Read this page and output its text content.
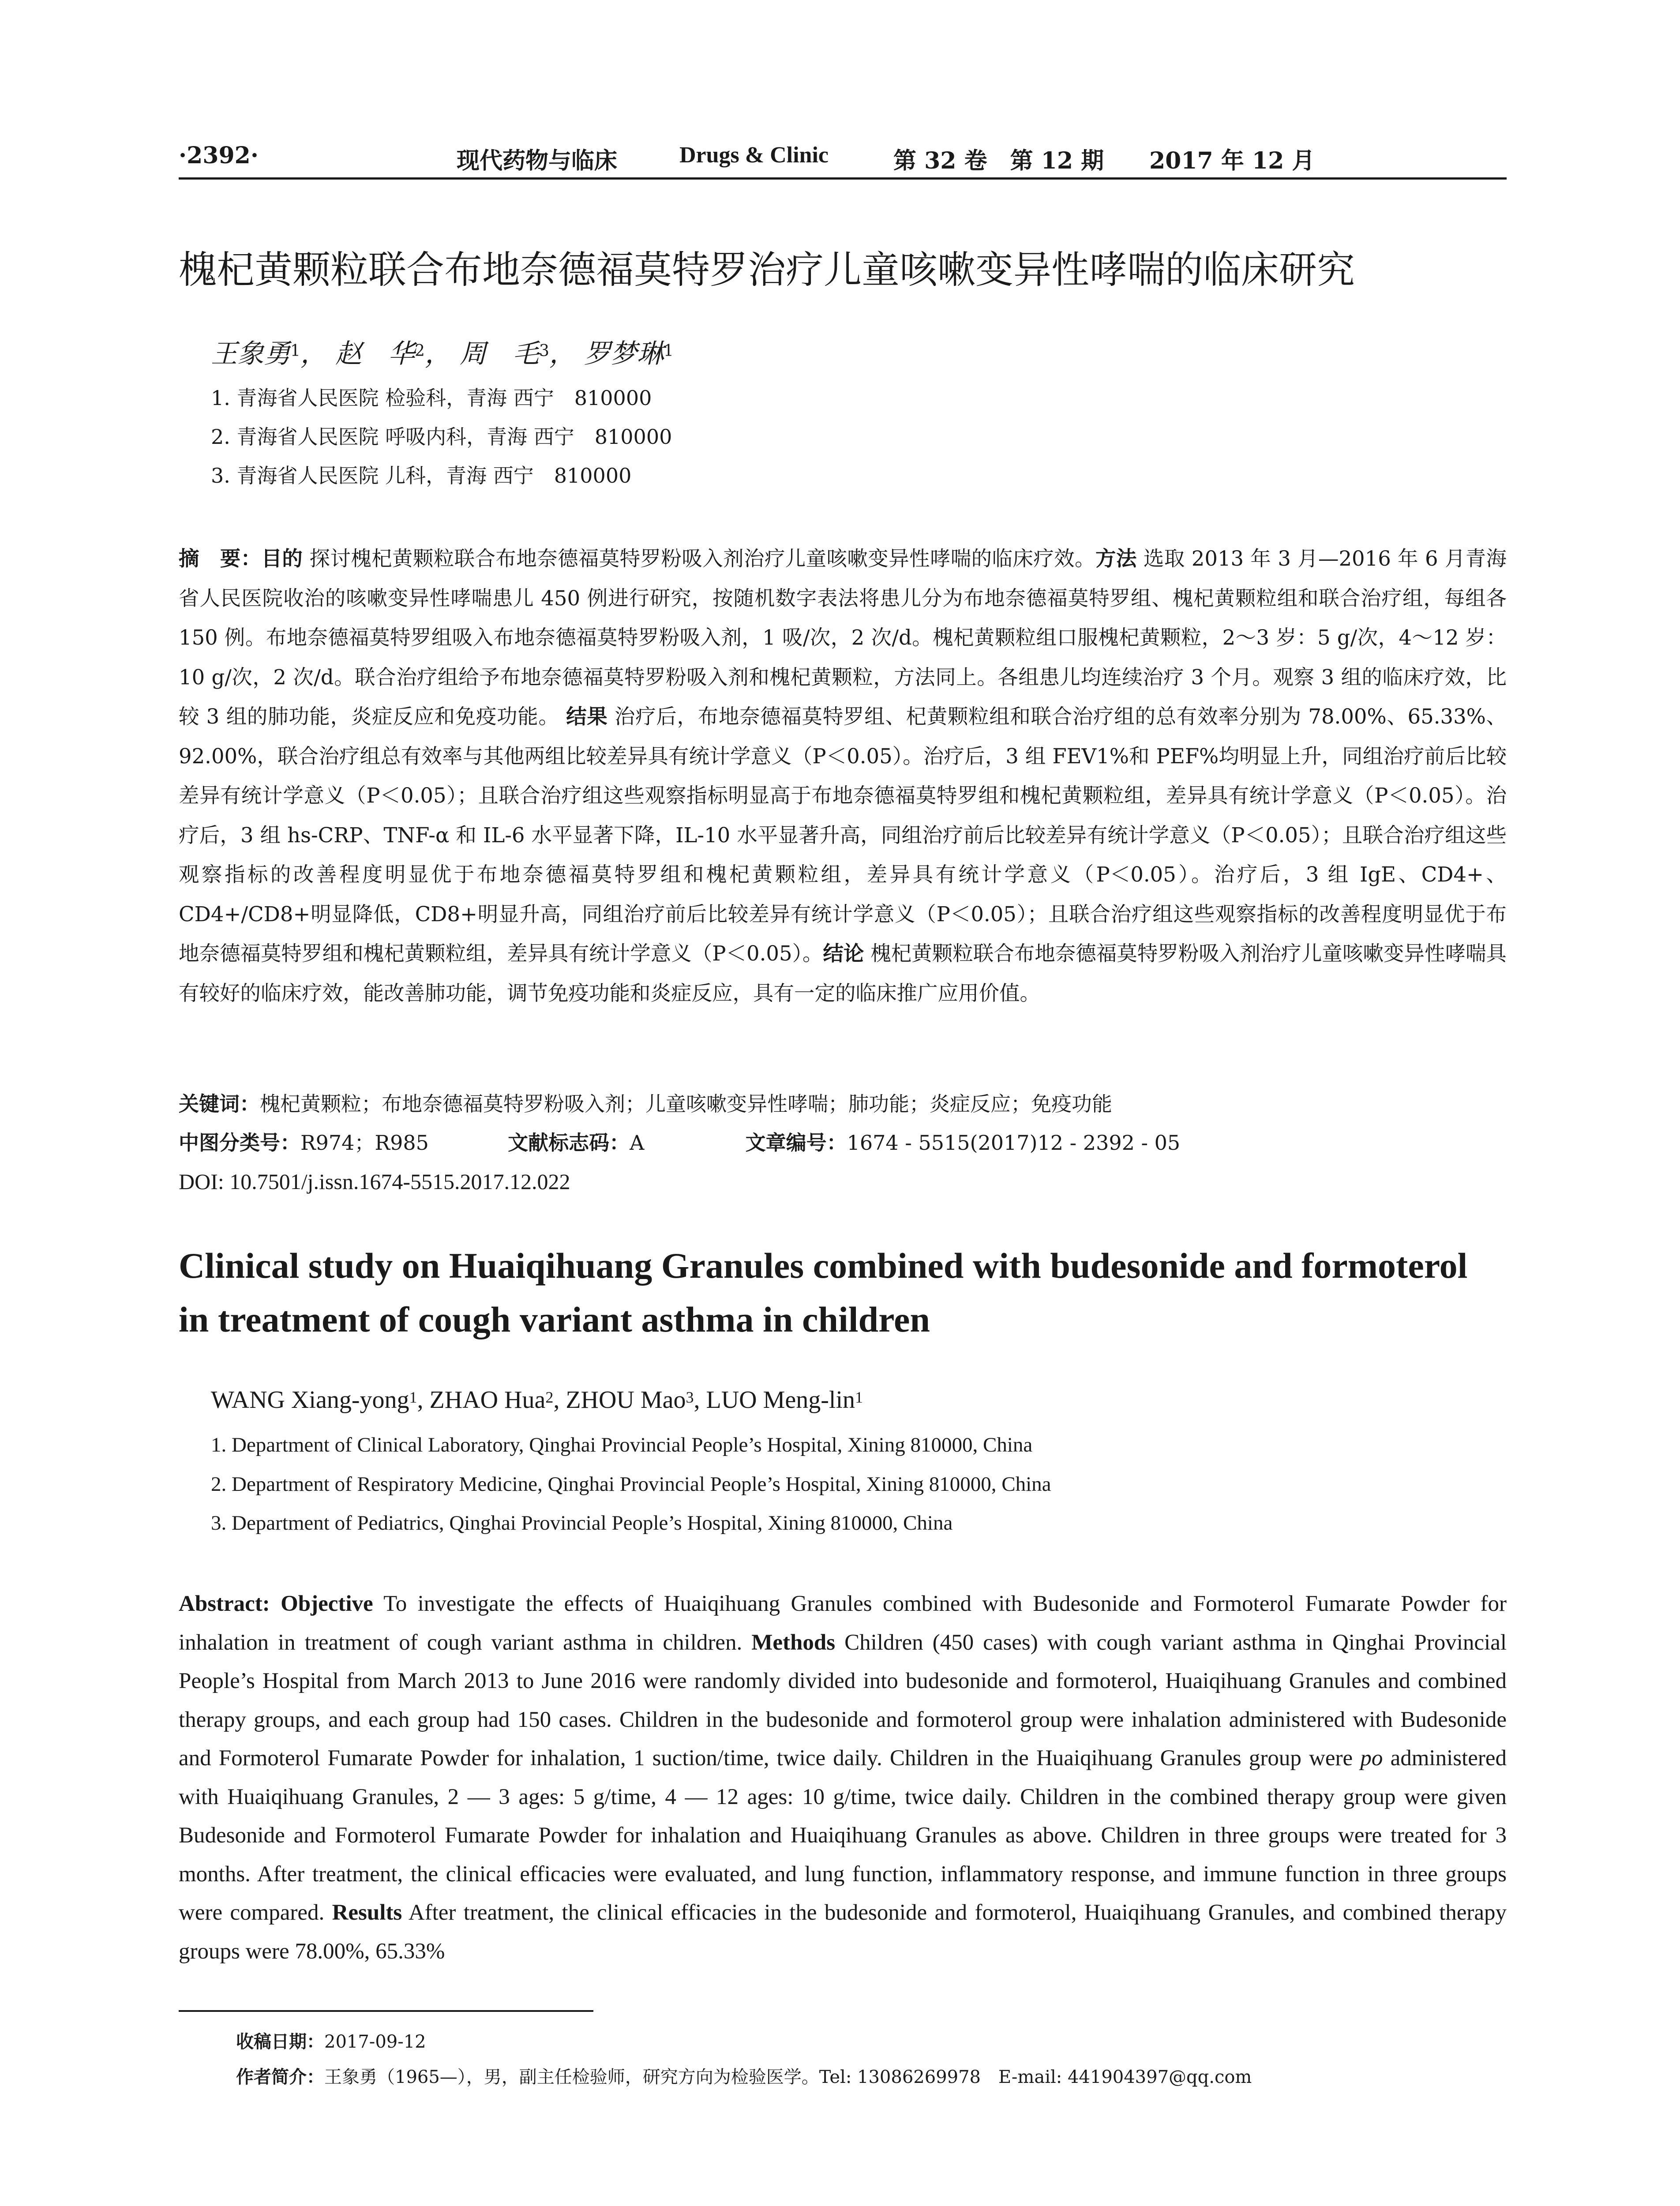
·2392·	现代药物与临床	Drugs & Clinic	第 32 卷　第 12 期 2017 年 12 月
槐杞黄颗粒联合布地奈德福莫特罗治疗儿童咳嗽变异性哮喘的临床研究
王象勇$^1$， 赵　华$^2$， 周　毛$^3$， 罗梦琳$^1$
1. 青海省人民医院 检验科，青海 西宁　810000
2. 青海省人民医院 呼吸内科，青海 西宁　810000
3. 青海省人民医院 儿科，青海 西宁　810000

摘　要：目的 探讨槐杞黄颗粒联合布地奈德福莫特罗粉吸入剂治疗儿童咳嗽变异性哮喘的临床疗效。方法 选取 2013 年 3 月—2016 年 6 月青海省人民医院收治的咳嗽变异性哮喘患儿 450 例进行研究，按随机数字表法将患儿分为布地奈德福莫特罗组、槐杞黄颗粒组和联合治疗组，每组各 150 例。布地奈德福莫特罗组吸入布地奈德福莫特罗粉吸入剂，1 吸/次，2 次/d。槐杞黄颗粒组口服槐杞黄颗粒，2～3 岁：5 g/次，4～12 岁：10 g/次，2 次/d。联合治疗组给予布地奈德福莫特罗粉吸入剂和槐杞黄颗粒，方法同上。各组患儿均连续治疗 3 个月。观察 3 组的临床疗效，比较 3 组的肺功能，炎症反应和免疫功能。 结果 治疗后，布地奈德福莫特罗组、杞黄颗粒组和联合治疗组的总有效率分别为 78.00%、65.33%、92.00%，联合治疗组总有效率与其他两组比较差异具有统计学意义（P＜0.05）。治疗后，3 组 FEV1%和 PEF%均明显上升，同组治疗前后比较差异有统计学意义（P＜0.05）；且联合治疗组这些观察指标明显高于布地奈德福莫特罗组和槐杞黄颗粒组，差异具有统计学意义（P＜0.05）。治疗后，3 组 hs-CRP、TNF-α 和 IL-6 水平显著下降，IL-10 水平显著升高，同组治疗前后比较差异有统计学意义（P＜0.05）；且联合治疗组这些观察指标的改善程度明显优于布地奈德福莫特罗组和槐杞黄颗粒组，差异具有统计学意义（P＜0.05）。治疗后，3 组 IgE、CD4+、CD4+/CD8+明显降低，CD8+明显升高，同组治疗前后比较差异有统计学意义（P＜0.05）；且联合治疗组这些观察指标的改善程度明显优于布地奈德福莫特罗组和槐杞黄颗粒组，差异具有统计学意义（P＜0.05）。结论 槐杞黄颗粒联合布地奈德福莫特罗粉吸入剂治疗儿童咳嗽变异性哮喘具有较好的临床疗效，能改善肺功能，调节免疫功能和炎症反应，具有一定的临床推广应用价值。

关键词：槐杞黄颗粒；布地奈德福莫特罗粉吸入剂；儿童咳嗽变异性哮喘；肺功能；炎症反应；免疫功能
中图分类号：R974；R985	文献标志码：A	文章编号：1674 - 5515(2017)12 - 2392 - 05
DOI: 10.7501/j.issn.1674-5515.2017.12.022
Clinical study on Huaiqihuang Granules combined with budesonide and formoterol in treatment of cough variant asthma in children
WANG Xiang-yong$^1$, ZHAO Hua$^2$, ZHOU Mao$^3$, LUO Meng-lin$^1$
1. Department of Clinical Laboratory, Qinghai Provincial People’s Hospital, Xining 810000, China
2. Department of Respiratory Medicine, Qinghai Provincial People’s Hospital, Xining 810000, China
3. Department of Pediatrics, Qinghai Provincial People’s Hospital, Xining 810000, China

Abstract: Objective To investigate the effects of Huaiqihuang Granules combined with Budesonide and Formoterol Fumarate Powder for inhalation in treatment of cough variant asthma in children. Methods Children (450 cases) with cough variant asthma in Qinghai Provincial People’s Hospital from March 2013 to June 2016 were randomly divided into budesonide and formoterol, Huaiqihuang Granules and combined therapy groups, and each group had 150 cases. Children in the budesonide and formoterol group were inhalation administered with Budesonide and Formoterol Fumarate Powder for inhalation, 1 suction/time, twice daily. Children in the Huaiqihuang Granules group were po administered with Huaiqihuang Granules, 2 — 3 ages: 5 g/time, 4 — 12 ages: 10 g/time, twice daily. Children in the combined therapy group were given Budesonide and Formoterol Fumarate Powder for inhalation and Huaiqihuang Granules as above. Children in three groups were treated for 3 months. After treatment, the clinical efficacies were evaluated, and lung function, inflammatory response, and immune function in three groups were compared. Results After treatment, the clinical efficacies in the budesonide and formoterol, Huaiqihuang Granules, and combined therapy groups were 78.00%, 65.33%

收稿日期：2017-09-12
作者简介：王象勇（1965—），男，副主任检验师，研究方向为检验医学。Tel: 13086269978　E-mail: 441904397@qq.com
